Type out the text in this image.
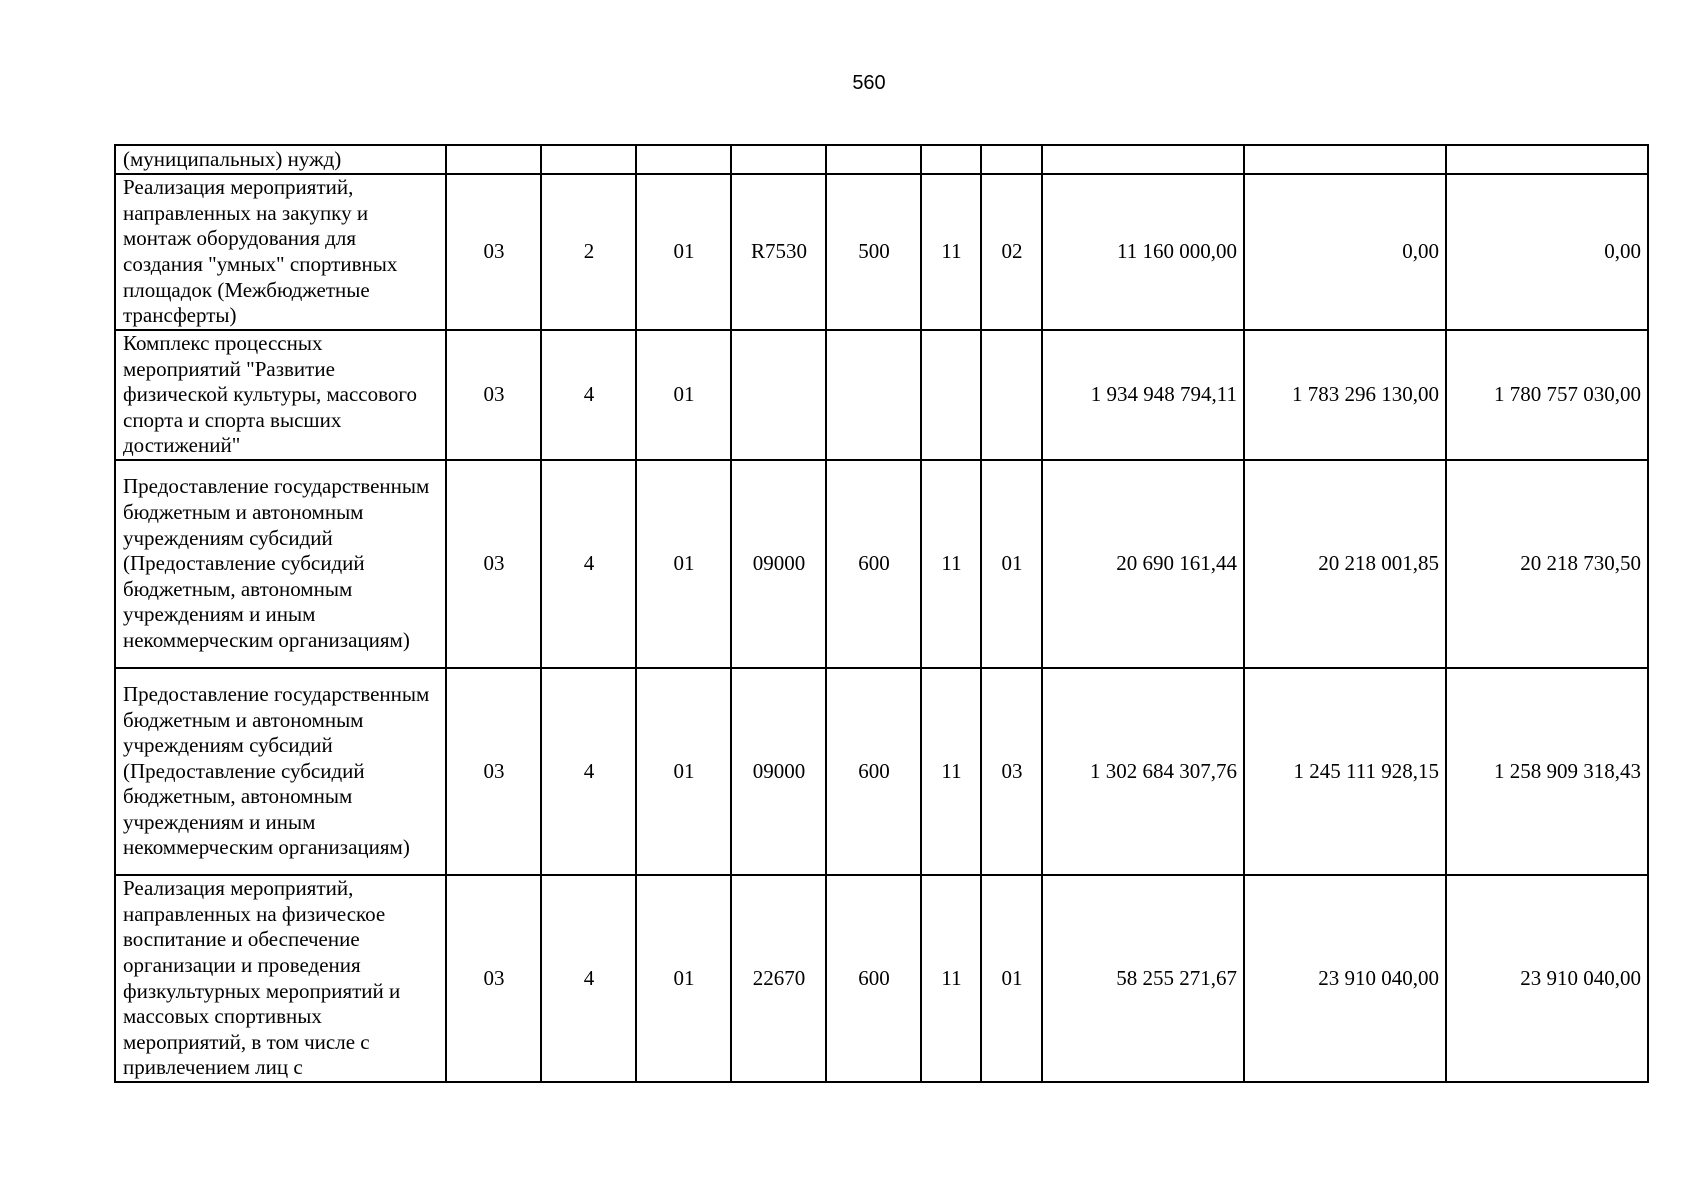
560
(муниципальных) нужд)										
Реализация мероприятий, направленных на закупку и монтаж оборудования для создания "умных" спортивных площадок (Межбюджетные трансферты)	03	2	01	R7530	500	11	02	11 160 000,00	0,00	0,00
Комплекс процессных мероприятий "Развитие физической культуры, массового спорта и спорта высших достижений"	03	4	01					1 934 948 794,11	1 783 296 130,00	1 780 757 030,00
Предоставление государственным бюджетным и автономным учреждениям субсидий (Предоставление субсидий бюджетным, автономным учреждениям и иным некоммерческим организациям)	03	4	01	09000	600	11	01	20 690 161,44	20 218 001,85	20 218 730,50
Предоставление государственным бюджетным и автономным учреждениям субсидий (Предоставление субсидий бюджетным, автономным учреждениям и иным некоммерческим организациям)	03	4	01	09000	600	11	03	1 302 684 307,76	1 245 111 928,15	1 258 909 318,43
Реализация мероприятий, направленных на физическое воспитание и обеспечение организации и проведения физкультурных мероприятий и массовых спортивных мероприятий, в том числе с привлечением лиц с	03	4	01	22670	600	11	01	58 255 271,67	23 910 040,00	23 910 040,00
